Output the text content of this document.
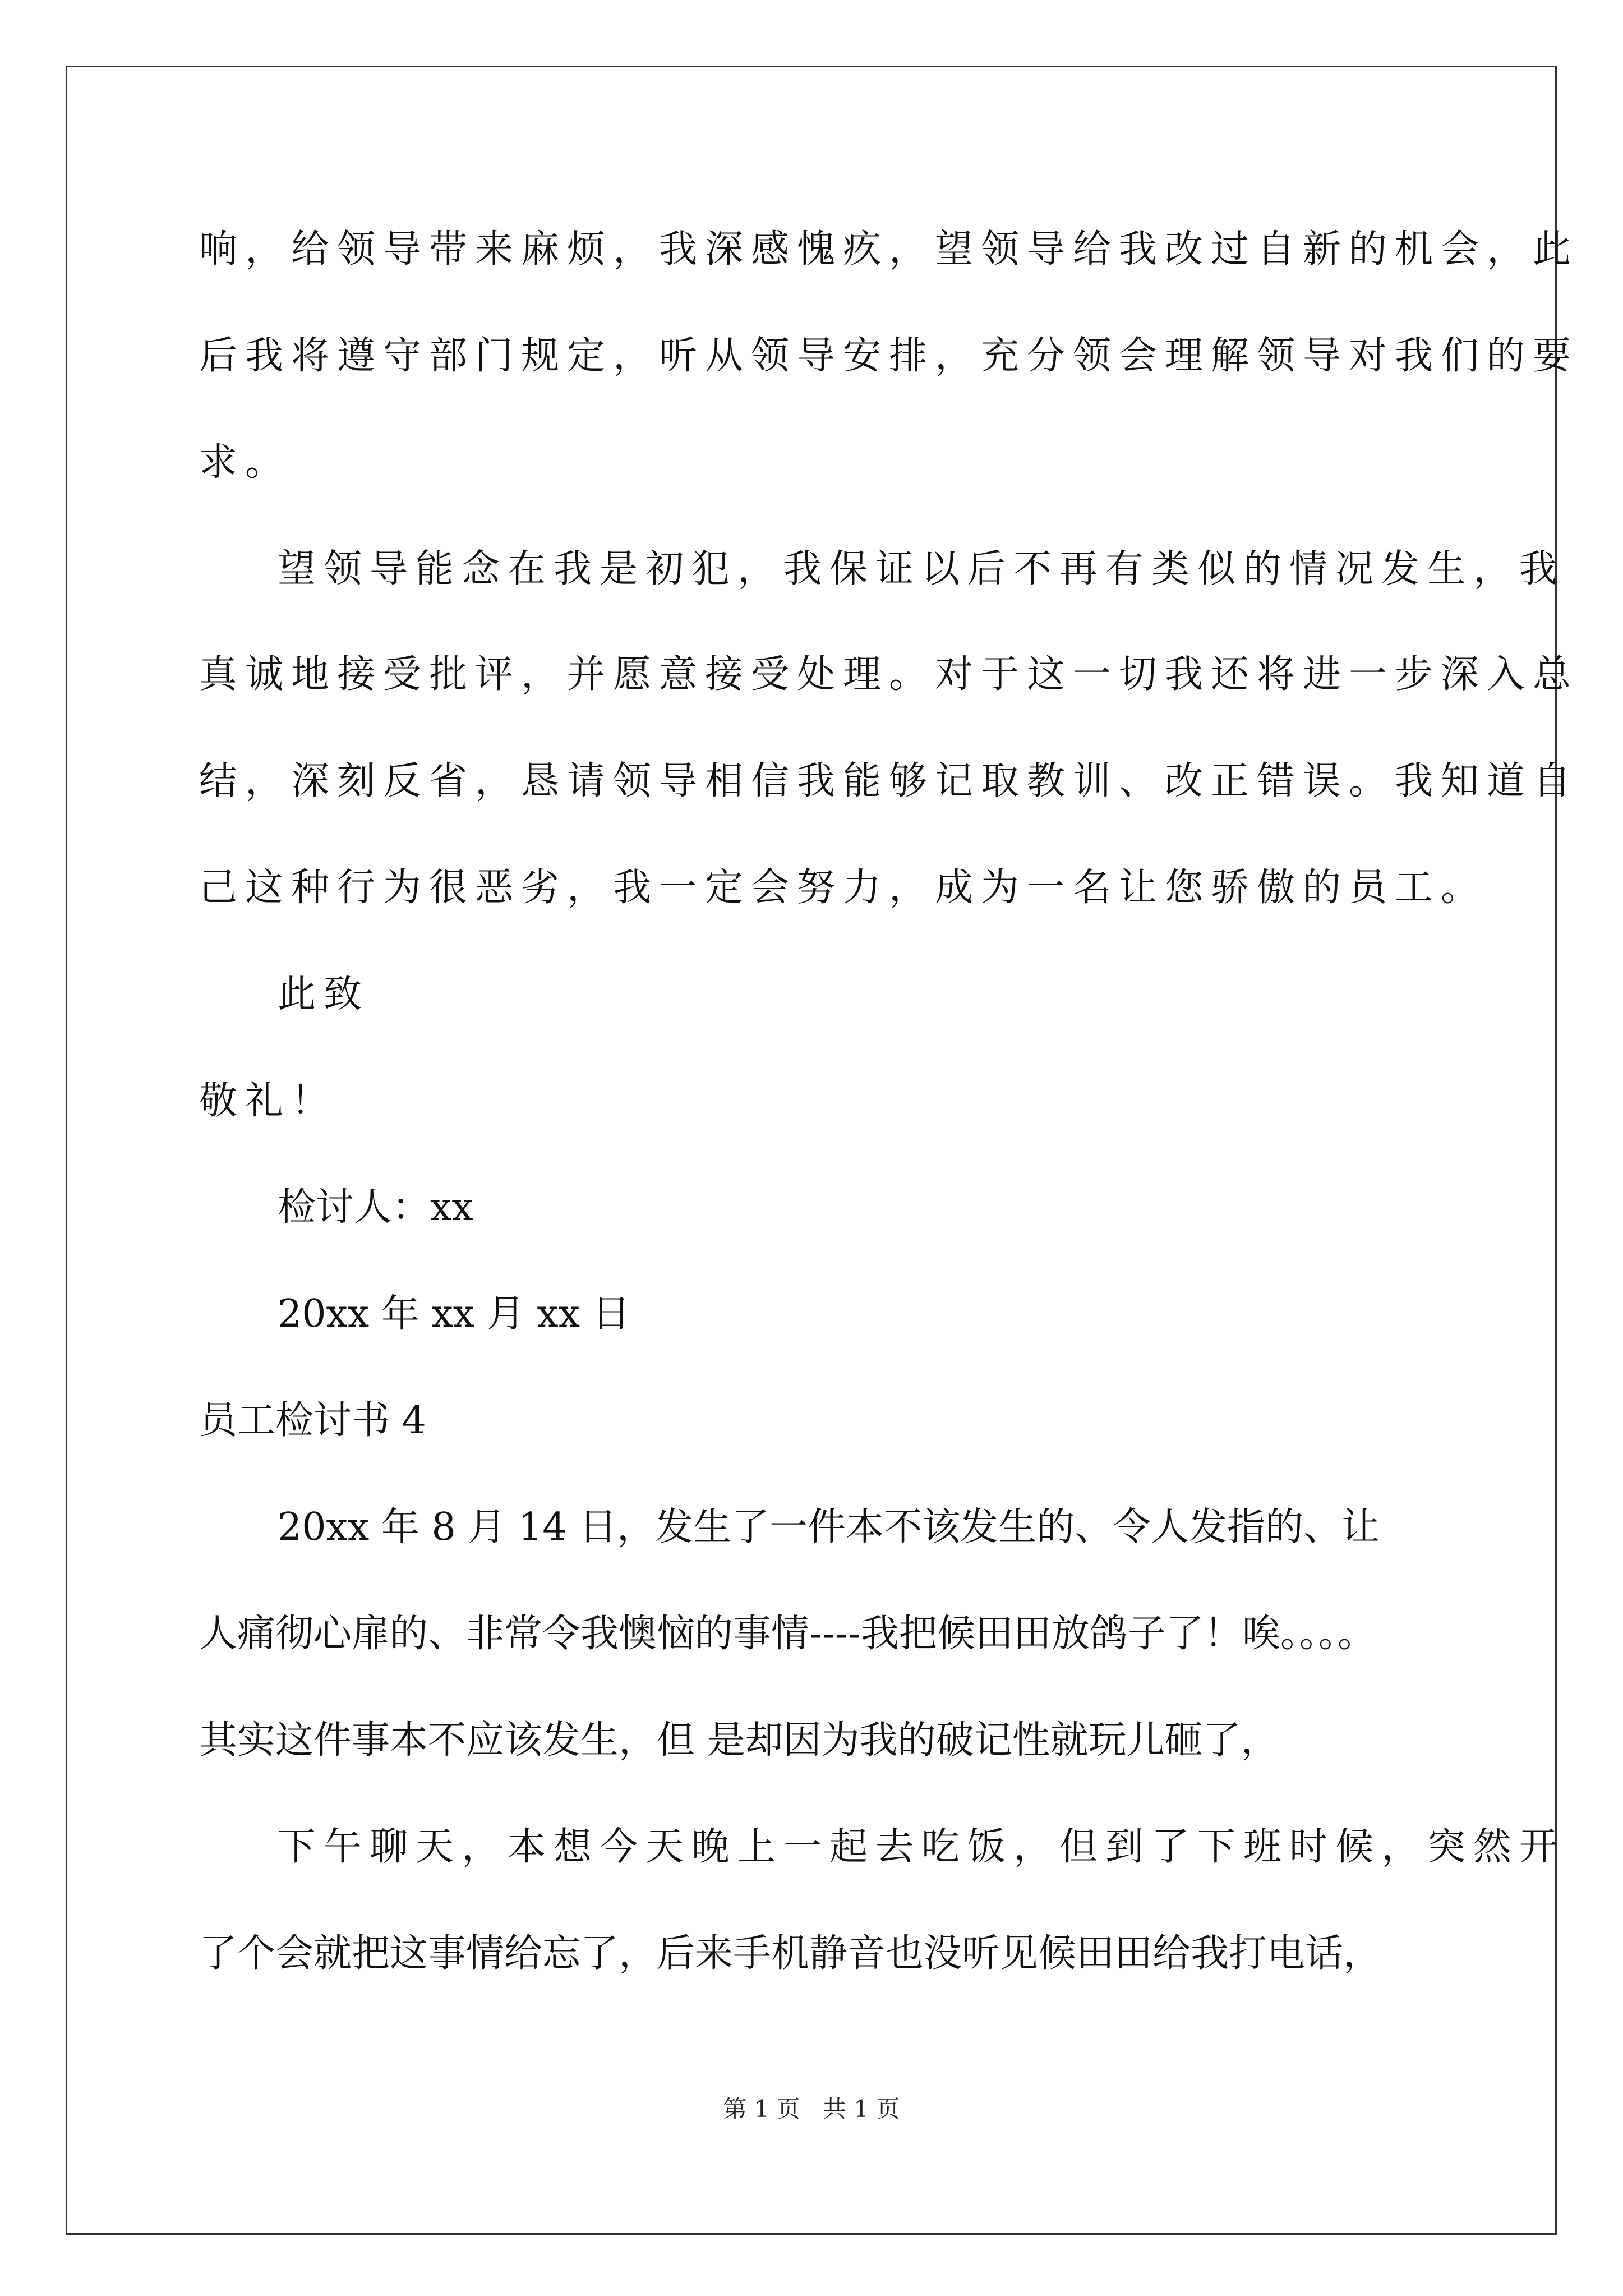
响，给领导带来麻烦，我深感愧疚，望领导给我改过自新的机会，此
后我将遵守部门规定，听从领导安排，充分领会理解领导对我们的要
求。
望领导能念在我是初犯，我保证以后不再有类似的情况发生，我
真诚地接受批评，并愿意接受处理。对于这一切我还将进一步深入总
结，深刻反省，恳请领导相信我能够记取教训、改正错误。我知道自
己这种行为很恶劣，我一定会努力，成为一名让您骄傲的员工。
此致
敬礼！
检讨人：xx
20xx 年 xx 月 xx 日
员工检讨书 4
20xx 年 8 月 14 日，发生了一件本不该发生的、令人发指的、让
人痛彻心扉的、非常令我懊恼的事情----我把候田田放鸽子了！唉。。。。
其实这件事本不应该发生，但 是却因为我的破记性就玩儿砸了，
下午聊天，本想今天晚上一起去吃饭，但到了下班时候，突然开
了个会就把这事情给忘了，后来手机静音也没听见候田田给我打电话，
第 1 页   共 1 页
